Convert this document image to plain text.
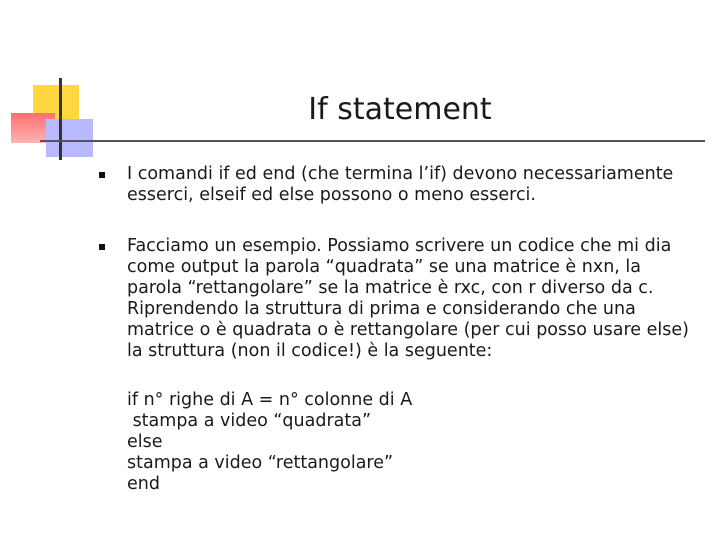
If statement
I comandi if ed end (che termina l’if) devono necessariamente
esserci, elseif ed else possono o meno esserci.
Facciamo un esempio. Possiamo scrivere un codice che mi dia
come output la parola “quadrata” se una matrice è nxn, la
parola “rettangolare” se la matrice è rxc, con r diverso da c.
Riprendendo la struttura di prima e considerando che una
matrice o è quadrata o è rettangolare (per cui posso usare else)
la struttura (non il codice!) è la seguente:
if n° righe di A = n° colonne di A
stampa a video “quadrata”
else
stampa a video “rettangolare”
end
